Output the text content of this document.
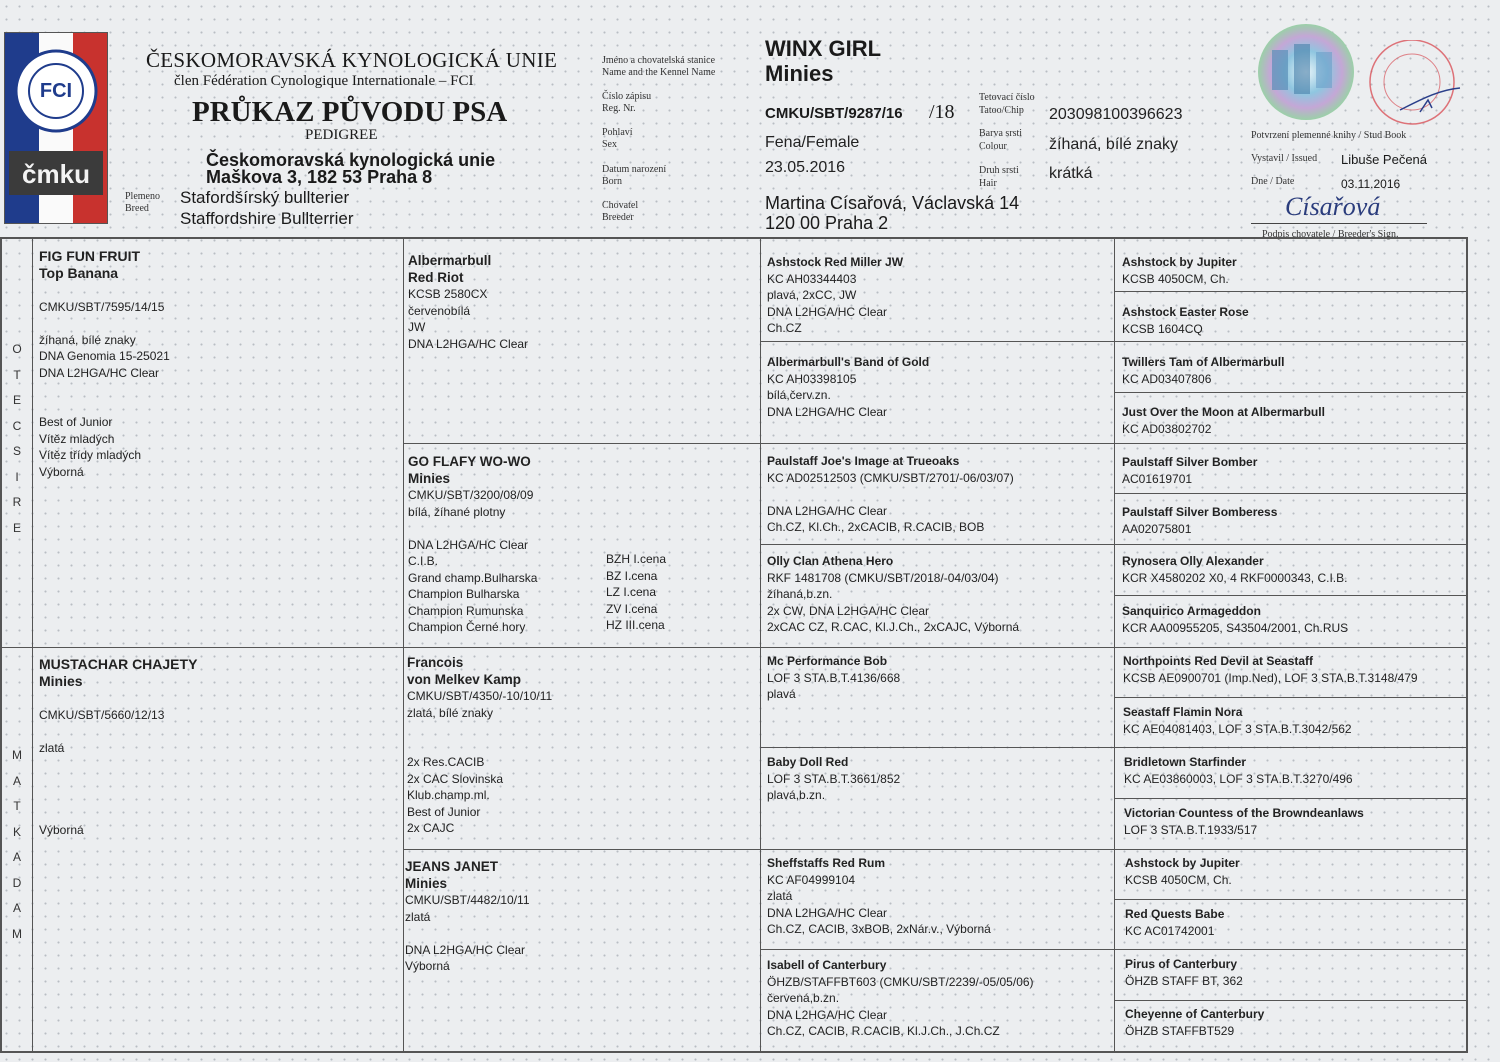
FCI
čmku
ČESKOMORAVSKÁ KYNOLOGICKÁ UNIE
člen Fédération Cynologique Internationale – FCI
PRŮKAZ PŮVODU PSA
PEDIGREE
Českomoravská kynologická unie
Maškova 3, 182 53 Praha 8
Plemeno
Breed
Stafordšírský bullterier
Staffordshire Bullterrier
Jméno a chovatelská stanice
Name and the Kennel Name
Číslo zápisu
Reg. Nr.
Pohlaví
Sex
Datum narození
Born
Chovatel
Breeder
WINX GIRL
Minies
CMKU/SBT/9287/16 /18
Fena/Female
23.05.2016
Martina Císařová, Václavská 14
120 00 Praha 2
Tetovací číslo
Tatoo/Chip
Barva srsti
Colour
Druh srsti
Hair
203098100396623
žíhaná, bílé znaky
krátká
Potvrzení plemenné knihy / Stud Book
Vystavil / Issued Libuše Pečená
Dne / Date	03.11.2016
Císařová
Podpis chovatele / Breeder's Sign.
O
T
E
C
S
I
R
E
M
A
T
K
A
D
A
M
FIG FUN FRUIT
Top Banana

CMKU/SBT/7595/14/15

žíhaná, bílé znaky
DNA Genomia 15-25021
DNA L2HGA/HC Clear

Best of Junior
Vítěz mladých
Vítěz třídy mladých
Výborná
MUSTACHAR CHAJETY
Minies

CMKU/SBT/5660/12/13

zlatá

Výborná
Albermarbull
Red Riot
KCSB 2580CX
červenobílá
JW
DNA L2HGA/HC Clear
GO FLAFY WO-WO
Minies
CMKU/SBT/3200/08/09
bílá, žíhané plotny

DNA L2HGA/HC Clear
C.I.B.
Grand champ.Bulharska
Champion Bulharska
Champion Rumunska
Champion Černé hory
BZH I.cena
BZ I.cena
LZ I.cena
ZV I.cena
HZ III.cena
Francois
von Melkev Kamp
CMKU/SBT/4350/-10/10/11
zlatá, bílé znaky

2x Res.CACIB
2x CAC Slovinska
Klub.champ.ml.
Best of Junior
2x CAJC
JEANS JANET
Minies
CMKU/SBT/4482/10/11
zlatá

DNA L2HGA/HC Clear
Výborná
Ashstock Red Miller JW
KC AH03344403
plavá, 2xCC, JW
DNA L2HGA/HC Clear
Ch.CZ
Albermarbull's Band of Gold
KC AH03398105
bílá,červ.zn.
DNA L2HGA/HC Clear
Paulstaff Joe's Image at Trueoaks
KC AD02512503 (CMKU/SBT/2701/-06/03/07)

DNA L2HGA/HC Clear
Ch.CZ, Kl.Ch., 2xCACIB, R.CACIB, BOB
Olly Clan Athena Hero
RKF 1481708 (CMKU/SBT/2018/-04/03/04)
žíhaná,b.zn.
2x CW, DNA L2HGA/HC Clear
2xCAC CZ, R.CAC, Kl.J.Ch., 2xCAJC, Výborná
Mc Performance Bob
LOF 3 STA.B.T.4136/668
plavá
Baby Doll Red
LOF 3 STA.B.T.3661/852
plavá,b.zn.
Sheffstaffs Red Rum
KC AF04999104
zlatá
DNA L2HGA/HC Clear
Ch.CZ, CACIB, 3xBOB, 2xNár.v., Výborná
Isabell of Canterbury
ÖHZB/STAFFBT603 (CMKU/SBT/2239/-05/05/06)
červená,b.zn.
DNA L2HGA/HC Clear
Ch.CZ, CACIB, R.CACIB, Kl.J.Ch., J.Ch.CZ
Ashstock by Jupiter
KCSB 4050CM, Ch.
Ashstock Easter Rose
KCSB 1604CQ
Twillers Tam of Albermarbull
KC AD03407806
Just Over the Moon at Albermarbull
KC AD03802702
Paulstaff Silver Bomber
AC01619701
Paulstaff Silver Bomberess
AA02075801
Rynosera Olly Alexander
KCR X4580202 X0, 4 RKF0000343, C.I.B.
Sanquirico Armageddon
KCR AA00955205, S43504/2001, Ch.RUS
Northpoints Red Devil at Seastaff
KCSB AE0900701 (Imp.Ned), LOF 3 STA.B.T.3148/479
Seastaff Flamin Nora
KC AE04081403, LOF 3 STA.B.T.3042/562
Bridletown Starfinder
KC AE03860003, LOF 3 STA.B.T.3270/496
Victorian Countess of the Browndeanlaws
LOF 3 STA.B.T.1933/517
Ashstock by Jupiter
KCSB 4050CM, Ch.
Red Quests Babe
KC AC01742001
Pirus of Canterbury
ÖHZB STAFF BT, 362
Cheyenne of Canterbury
ÖHZB STAFFBT529
